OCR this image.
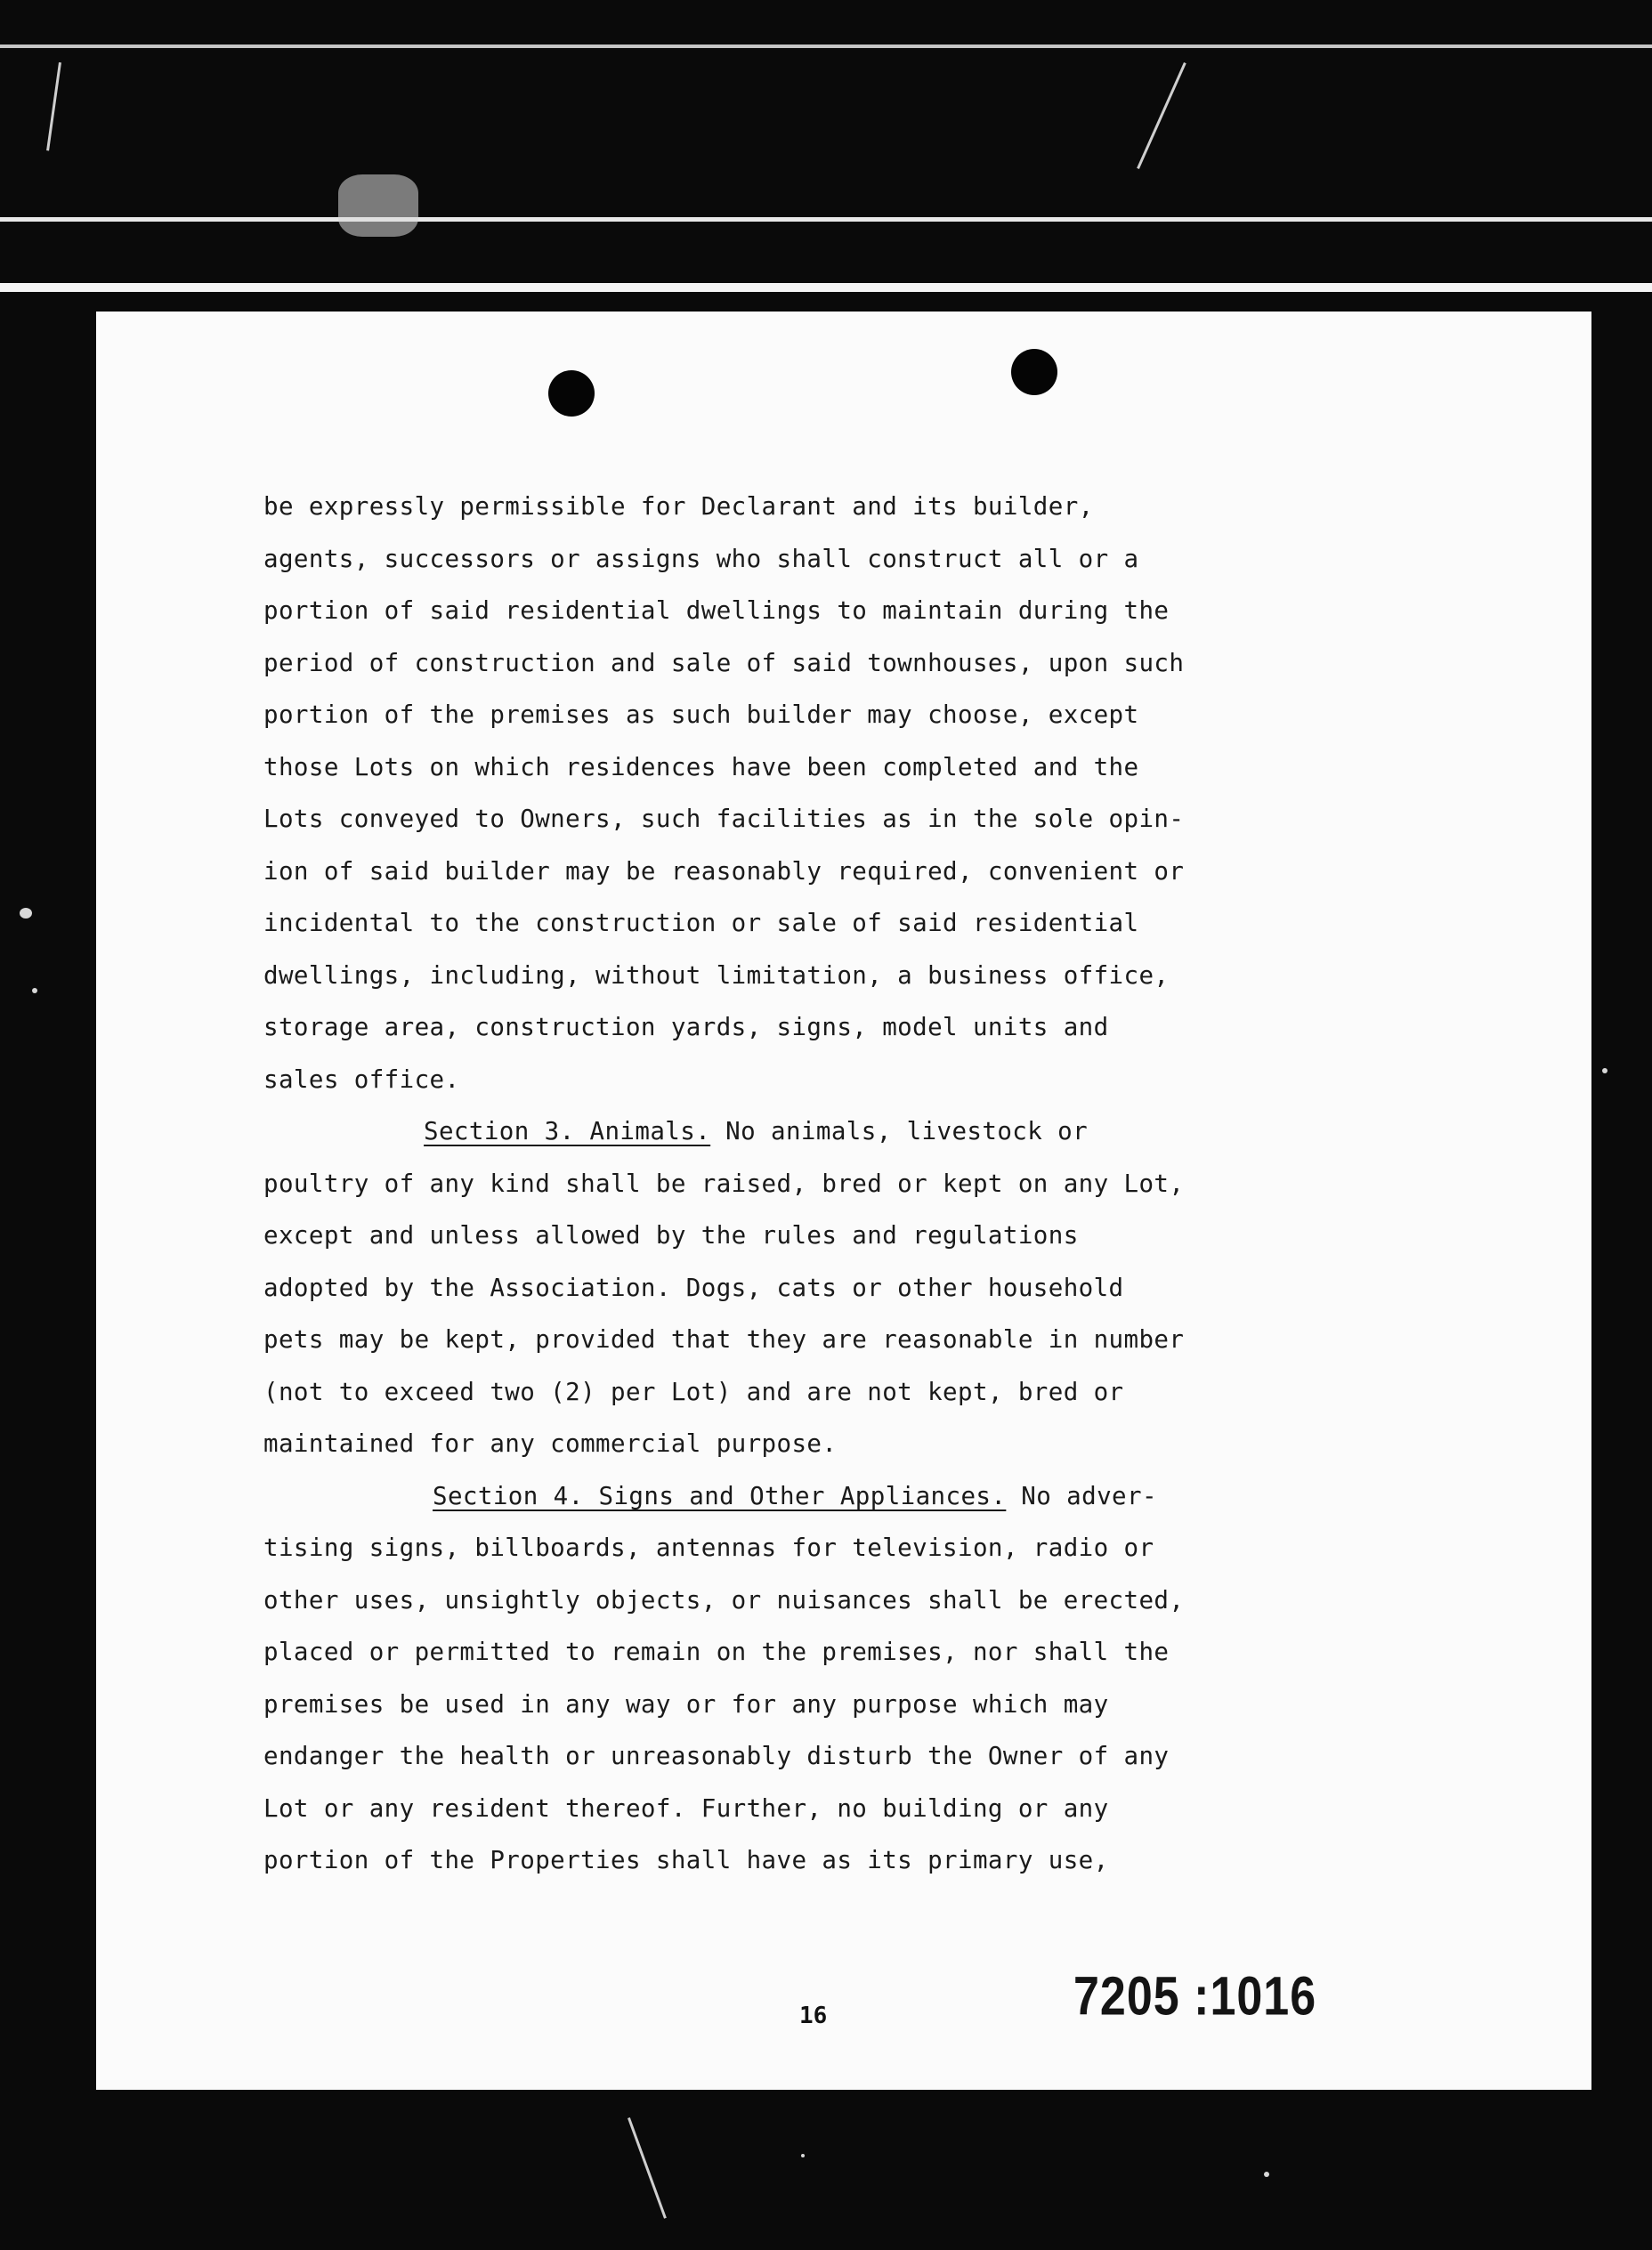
be expressly permissible for Declarant and its builder,
agents, successors or assigns who shall construct all or a
portion of said residential dwellings to maintain during the
period of construction and sale of said townhouses, upon such
portion of the premises as such builder may choose, except
those Lots on which residences have been completed and the
Lots conveyed to Owners, such facilities as in the sole opin-
ion of said builder may be reasonably required, convenient or
incidental to the construction or sale of said residential
dwellings, including, without limitation, a business office,
storage area, construction yards, signs, model units and
sales office.
Section 3. Animals. No animals, livestock or
poultry of any kind shall be raised, bred or kept on any Lot,
except and unless allowed by the rules and regulations
adopted by the Association. Dogs, cats or other household
pets may be kept, provided that they are reasonable in number
(not to exceed two (2) per Lot) and are not kept, bred or
maintained for any commercial purpose.
Section 4. Signs and Other Appliances. No adver-
tising signs, billboards, antennas for television, radio or
other uses, unsightly objects, or nuisances shall be erected,
placed or permitted to remain on the premises, nor shall the
premises be used in any way or for any purpose which may
endanger the health or unreasonably disturb the Owner of any
Lot or any resident thereof. Further, no building or any
portion of the Properties shall have as its primary use,
16	7205 :1016
